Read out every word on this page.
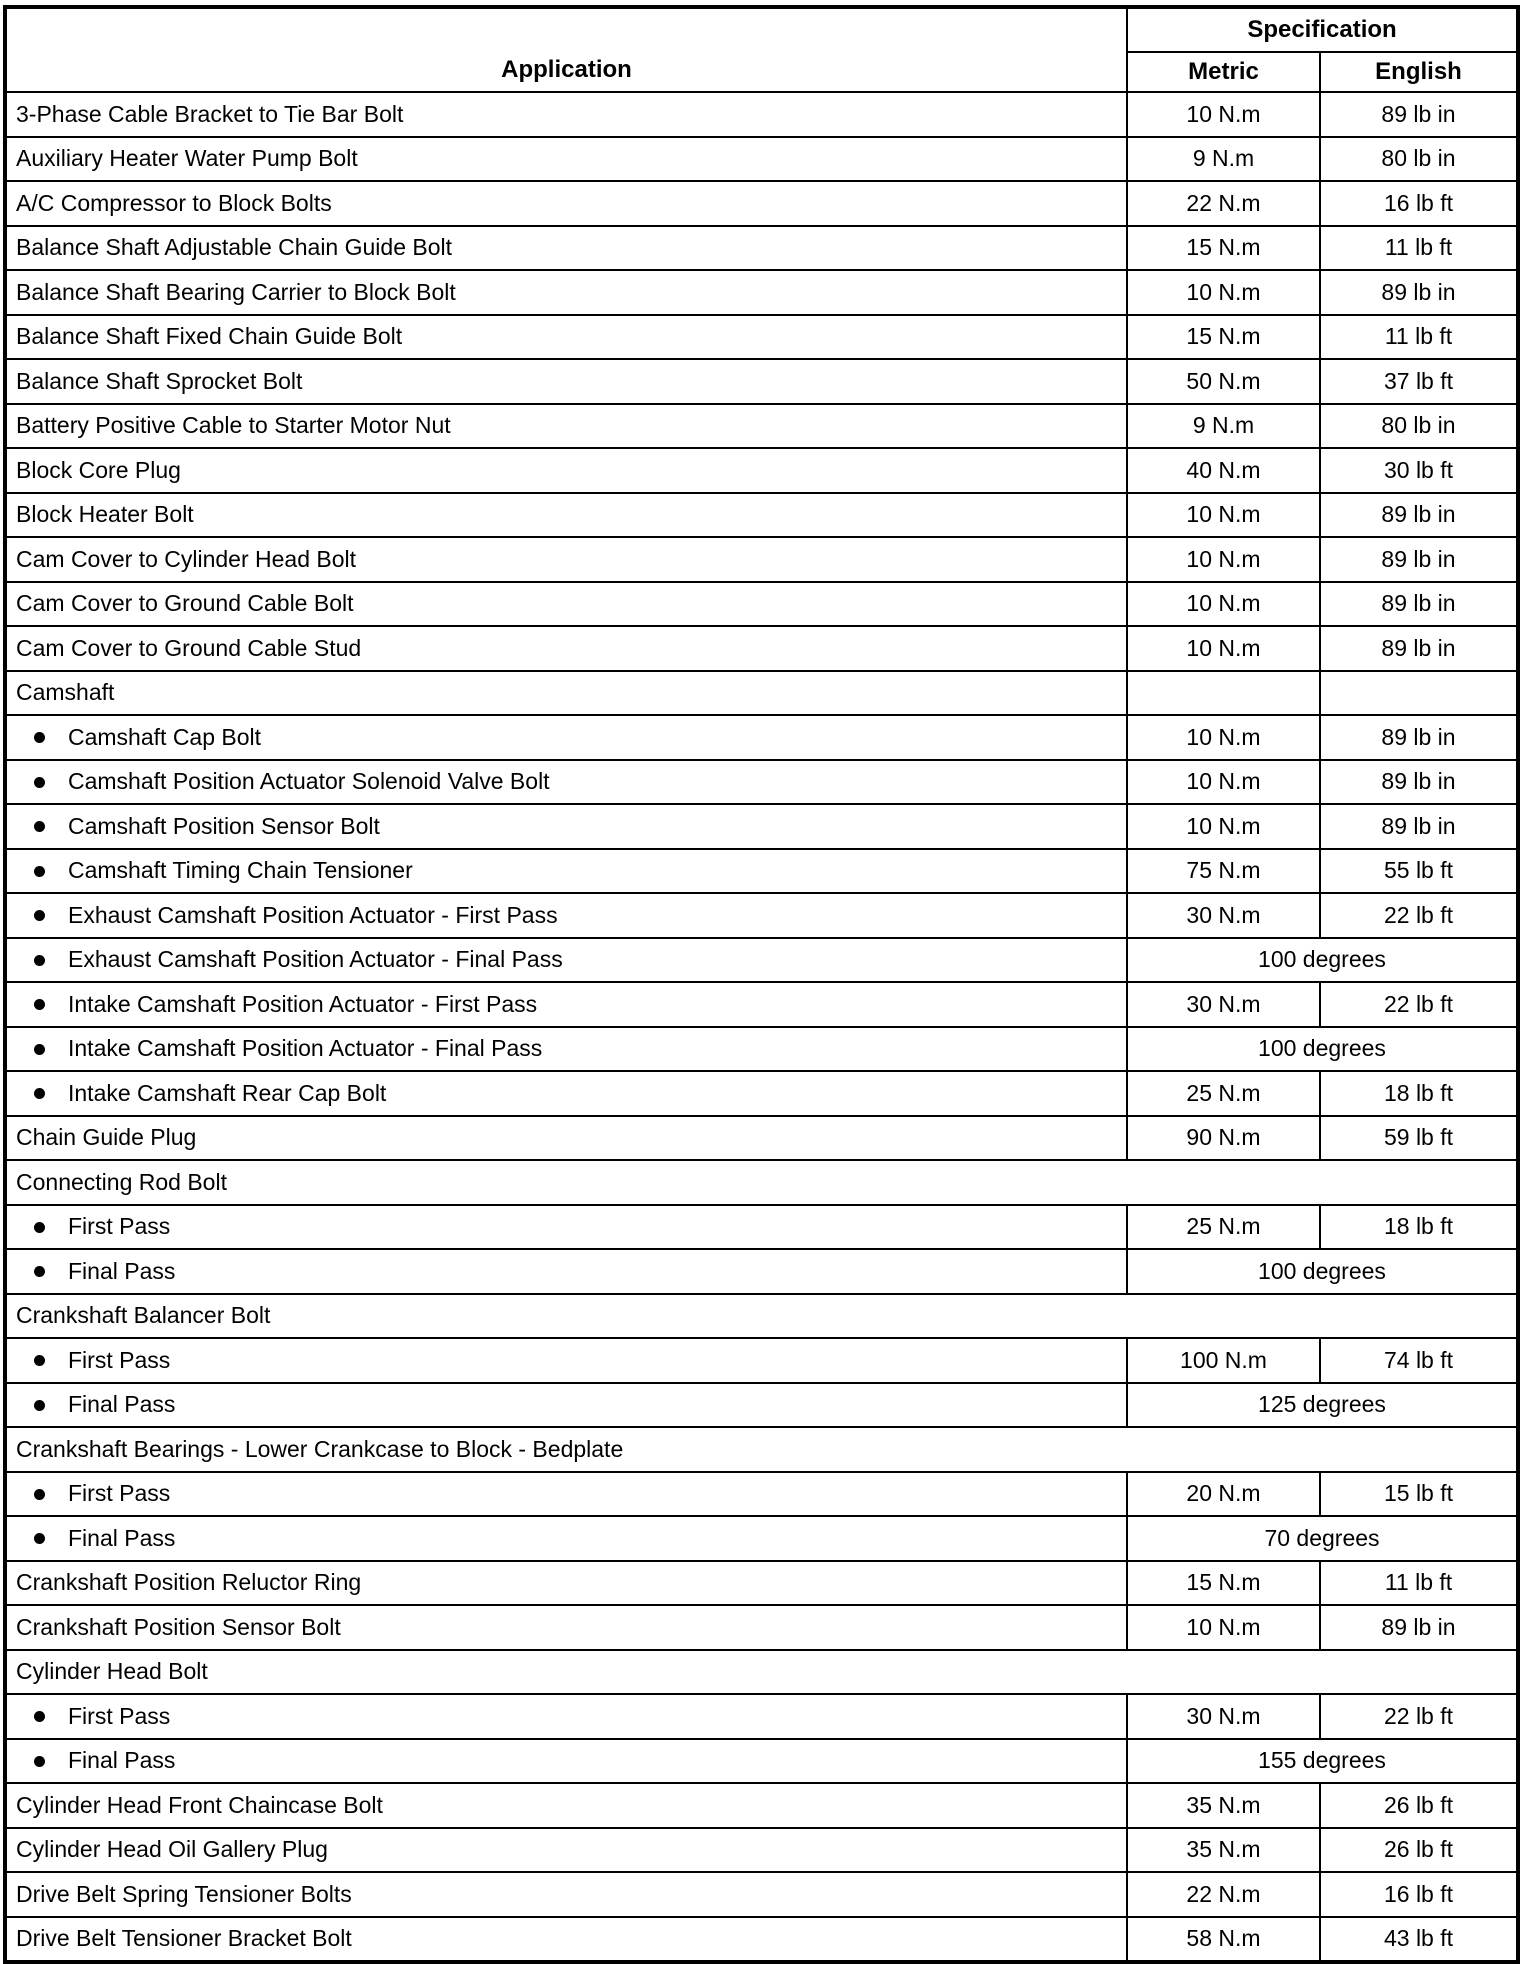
Application	Specification	
	Metric	English
3-Phase Cable Bracket to Tie Bar Bolt	10 N.m	89 lb in
Auxiliary Heater Water Pump Bolt	9 N.m	80 lb in
A/C Compressor to Block Bolts	22 N.m	16 lb ft
Balance Shaft Adjustable Chain Guide Bolt	15 N.m	11 lb ft
Balance Shaft Bearing Carrier to Block Bolt	10 N.m	89 lb in
Balance Shaft Fixed Chain Guide Bolt	15 N.m	11 lb ft
Balance Shaft Sprocket Bolt	50 N.m	37 lb ft
Battery Positive Cable to Starter Motor Nut	9 N.m	80 lb in
Block Core Plug	40 N.m	30 lb ft
Block Heater Bolt	10 N.m	89 lb in
Cam Cover to Cylinder Head Bolt	10 N.m	89 lb in
Cam Cover to Ground Cable Bolt	10 N.m	89 lb in
Cam Cover to Ground Cable Stud	10 N.m	89 lb in
Camshaft		
Camshaft Cap Bolt	10 N.m	89 lb in
Camshaft Position Actuator Solenoid Valve Bolt	10 N.m	89 lb in
Camshaft Position Sensor Bolt	10 N.m	89 lb in
Camshaft Timing Chain Tensioner	75 N.m	55 lb ft
Exhaust Camshaft Position Actuator - First Pass	30 N.m	22 lb ft
Exhaust Camshaft Position Actuator - Final Pass	100 degrees	
Intake Camshaft Position Actuator - First Pass	30 N.m	22 lb ft
Intake Camshaft Position Actuator - Final Pass	100 degrees	
Intake Camshaft Rear Cap Bolt	25 N.m	18 lb ft
Chain Guide Plug	90 N.m	59 lb ft
Connecting Rod Bolt		
First Pass	25 N.m	18 lb ft
Final Pass	100 degrees	
Crankshaft Balancer Bolt		
First Pass	100 N.m	74 lb ft
Final Pass	125 degrees	
Crankshaft Bearings - Lower Crankcase to Block - Bedplate		
First Pass	20 N.m	15 lb ft
Final Pass	70 degrees	
Crankshaft Position Reluctor Ring	15 N.m	11 lb ft
Crankshaft Position Sensor Bolt	10 N.m	89 lb in
Cylinder Head Bolt		
First Pass	30 N.m	22 lb ft
Final Pass	155 degrees	
Cylinder Head Front Chaincase Bolt	35 N.m	26 lb ft
Cylinder Head Oil Gallery Plug	35 N.m	26 lb ft
Drive Belt Spring Tensioner Bolts	22 N.m	16 lb ft
Drive Belt Tensioner Bracket Bolt	58 N.m	43 lb ft
